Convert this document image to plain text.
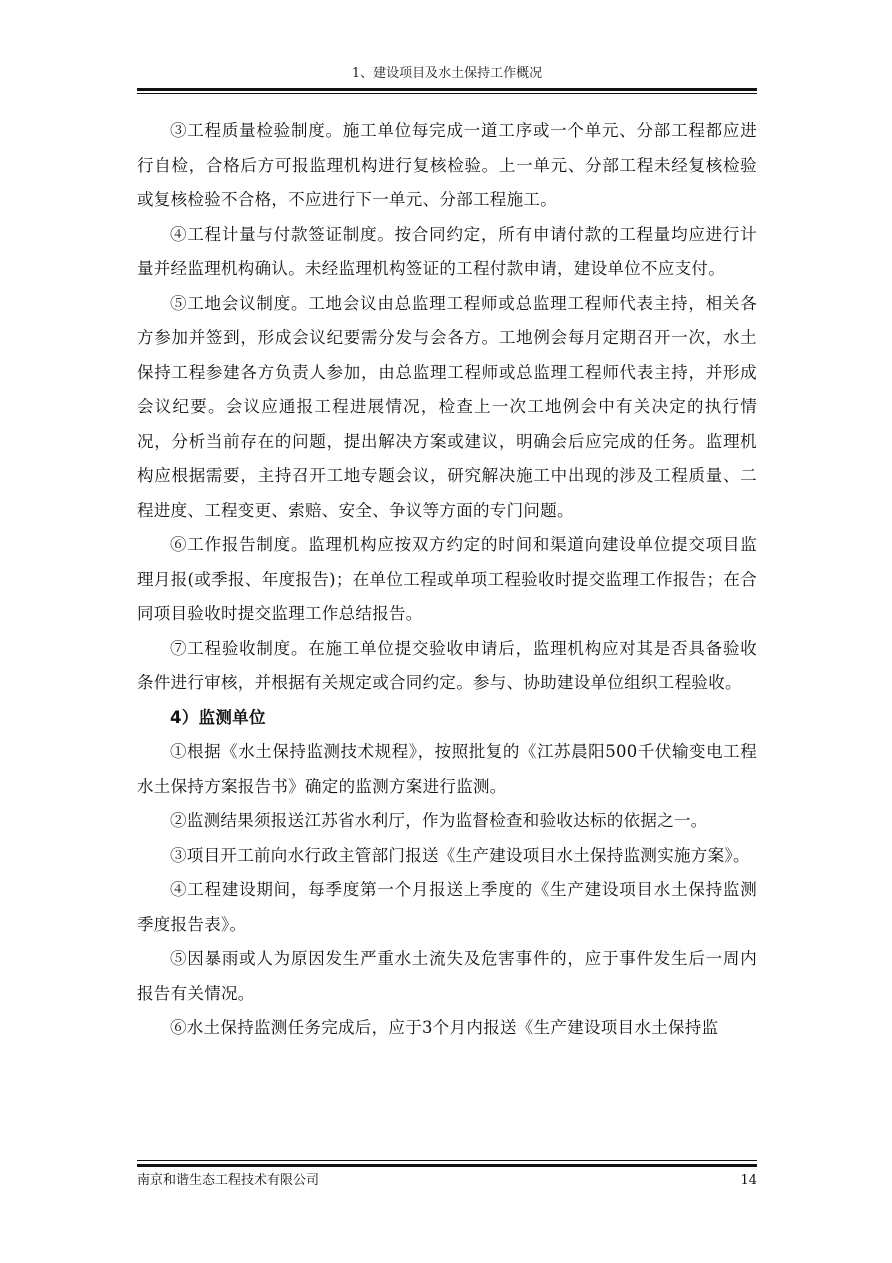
1、建设项目及水土保持工作概况

③工程质量检验制度。施工单位每完成一道工序或一个单元、分部工程都应进行自检，合格后方可报监理机构进行复核检验。上一单元、分部工程未经复核检验或复核检验不合格，不应进行下一单元、分部工程施工。

④工程计量与付款签证制度。按合同约定，所有申请付款的工程量均应进行计量并经监理机构确认。未经监理机构签证的工程付款申请，建设单位不应支付。

⑤工地会议制度。工地会议由总监理工程师或总监理工程师代表主持，相关各方参加并签到，形成会议纪要需分发与会各方。工地例会每月定期召开一次，水土保持工程参建各方负责人参加，由总监理工程师或总监理工程师代表主持，并形成会议纪要。会议应通报工程进展情况，检查上一次工地例会中有关决定的执行情况，分析当前存在的问题，提出解决方案或建议，明确会后应完成的任务。监理机构应根据需要，主持召开工地专题会议，研究解决施工中出现的涉及工程质量、二程进度、工程变更、索赔、安全、争议等方面的专门问题。

⑥工作报告制度。监理机构应按双方约定的时间和渠道向建设单位提交项目监理月报(或季报、年度报告)；在单位工程或单项工程验收时提交监理工作报告；在合同项目验收时提交监理工作总结报告。

⑦工程验收制度。在施工单位提交验收申请后，监理机构应对其是否具备验收条件进行审核，并根据有关规定或合同约定。参与、协助建设单位组织工程验收。

4）监测单位

①根据《水土保持监测技术规程》，按照批复的《江苏晨阳500千伏输变电工程水土保持方案报告书》确定的监测方案进行监测。

②监测结果须报送江苏省水利厅，作为监督检查和验收达标的依据之一。

③项目开工前向水行政主管部门报送《生产建设项目水土保持监测实施方案》。

④工程建设期间，每季度第一个月报送上季度的《生产建设项目水土保持监测季度报告表》。

⑤因暴雨或人为原因发生严重水土流失及危害事件的，应于事件发生后一周内报告有关情况。

⑥水土保持监测任务完成后，应于3个月内报送《生产建设项目水土保持监

南京和谐生态工程技术有限公司	14
